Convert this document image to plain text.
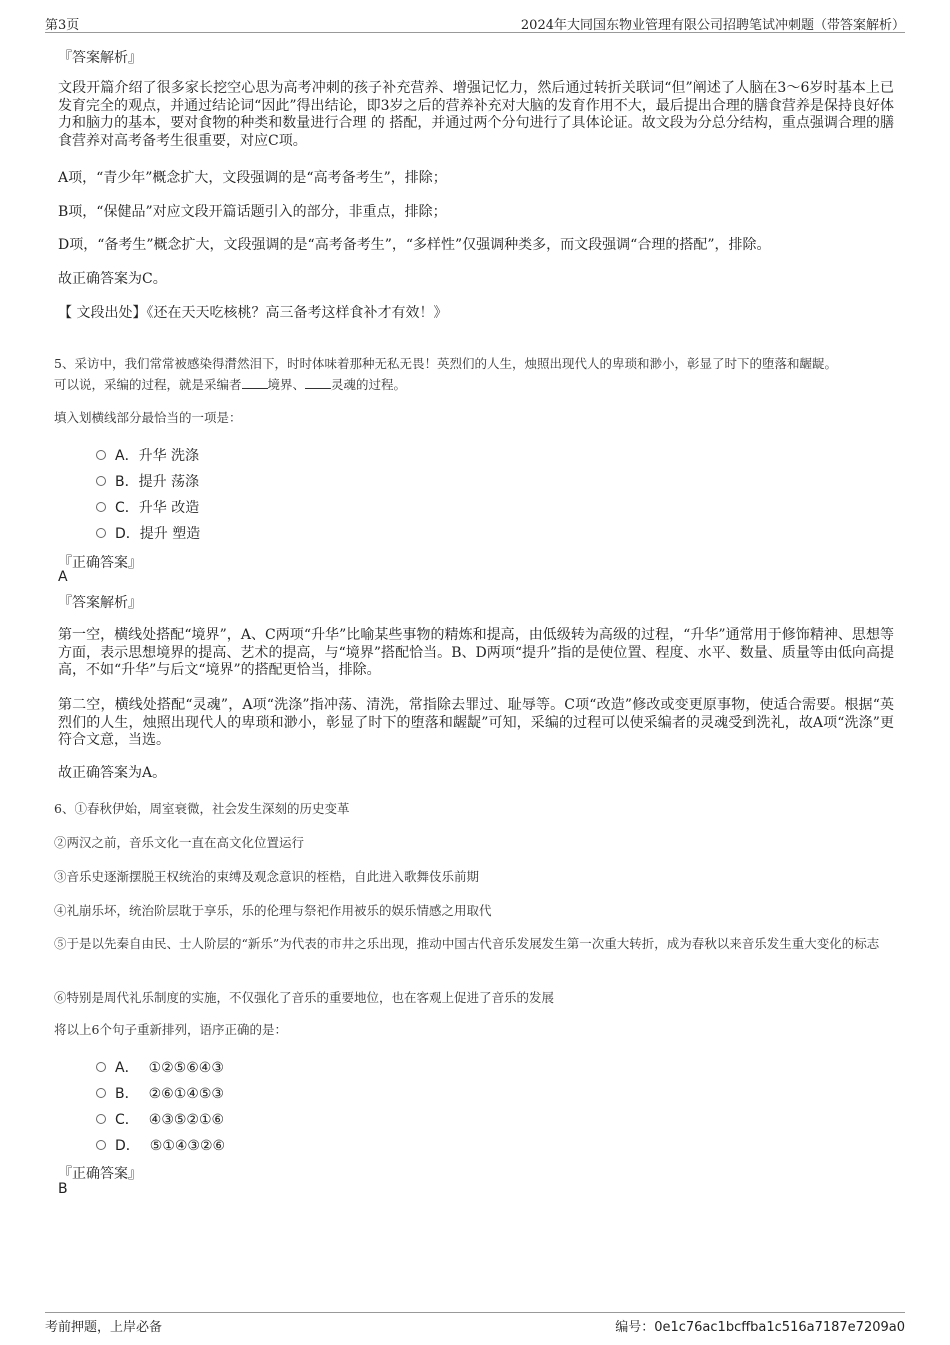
第3页	2024年大同国东物业管理有限公司招聘笔试冲刺题（带答案解析）
『答案解析』
文段开篇介绍了很多家长挖空心思为高考冲刺的孩子补充营养、增强记忆力，然后通过转折关联词“但”阐述了人脑在3～6岁时基本上已发育完全的观点，并通过结论词“因此”得出结论，即3岁之后的营养补充对大脑的发育作用不大，最后提出合理的膳食营养是保持良好体力和脑力的基本，要对食物的种类和数量进行合理 的 搭配，并通过两个分句进行了具体论证。故文段为分总分结构，重点强调合理的膳食营养对高考备考生很重要，对应C项。
A项，“青少年”概念扩大，文段强调的是“高考备考生”，排除；
B项，“保健品”对应文段开篇话题引入的部分，非重点，排除；
D项，“备考生”概念扩大，文段强调的是“高考备考生”，“多样性”仅强调种类多，而文段强调“合理的搭配”，排除。
故正确答案为C。
【 文段出处】《还在天天吃核桃？高三备考这样食补才有效！》
5、采访中，我们常常被感染得潸然泪下，时时体味着那种无私无畏！英烈们的人生，烛照出现代人的卑琐和渺小，彰显了时下的堕落和龌龊。
可以说，采编的过程，就是采编者 境界、 灵魂的过程。
填入划横线部分最恰当的一项是：
A．升华 洗涤
B．提升 荡涤
C．升华 改造
D．提升 塑造
『正确答案』
A
『答案解析』
第一空，横线处搭配“境界”，A、C两项“升华”比喻某些事物的精炼和提高，由低级转为高级的过程，“升华”通常用于修饰精神、思想等方面，表示思想境界的提高、艺术的提高，与“境界”搭配恰当。B、D两项“提升”指的是使位置、程度、水平、数量、质量等由低向高提高，不如“升华”与后文“境界”的搭配更恰当，排除。
第二空，横线处搭配“灵魂”，A项“洗涤”指冲荡、清洗，常指除去罪过、耻辱等。C项“改造”修改或变更原事物，使适合需要。根据“英烈们的人生，烛照出现代人的卑琐和渺小，彰显了时下的堕落和龌龊”可知，采编的过程可以使采编者的灵魂受到洗礼，故A项“洗涤”更符合文意，当选。
故正确答案为A。
6、①春秋伊始，周室衰微，社会发生深刻的历史变革
②两汉之前，音乐文化一直在高文化位置运行
③音乐史逐渐摆脱王权统治的束缚及观念意识的桎梏，自此进入歌舞伎乐前期
④礼崩乐坏，统治阶层耽于享乐，乐的伦理与祭祀作用被乐的娱乐情感之用取代
⑤于是以先秦自由民、士人阶层的“新乐”为代表的市井之乐出现，推动中国古代音乐发展发生第一次重大转折，成为春秋以来音乐发生重大变化的标志
⑥特别是周代礼乐制度的实施，不仅强化了音乐的重要地位，也在客观上促进了音乐的发展
将以上6个句子重新排列，语序正确的是：
A． ①②⑤⑥④③
B． ②⑥①④⑤③
C． ④③⑤②①⑥
D． ⑤①④③②⑥
『正确答案』
B
考前押题，上岸必备	编号：0e1c76ac1bcffba1c516a7187e7209a0
